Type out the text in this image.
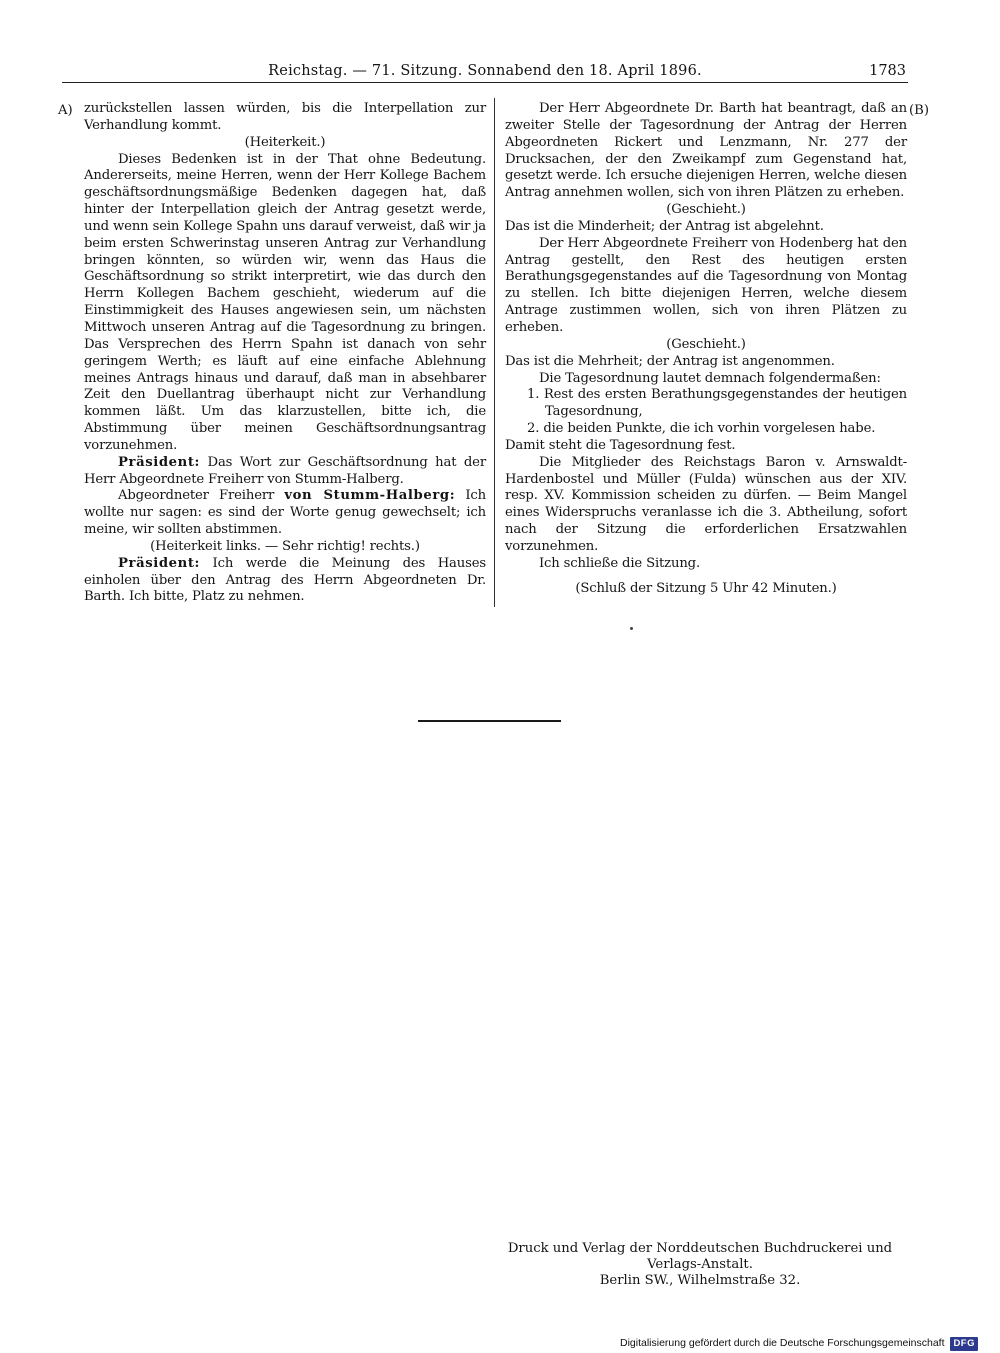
Reichstag. — 71. Sitzung. Sonnabend den 18. April 1896.	1783
A)	(B)

zurückstellen lassen würden, bis die Interpellation zur Verhandlung kommt.

(Heiterkeit.)

Dieses Bedenken ist in der That ohne Bedeutung. Andererseits, meine Herren, wenn der Herr Kollege Bachem geschäftsordnungsmäßige Bedenken dagegen hat, daß hinter der Interpellation gleich der Antrag gesetzt werde, und wenn sein Kollege Spahn uns darauf verweist, daß wir ja beim ersten Schwerinstag unseren Antrag zur Verhandlung bringen könnten, so würden wir, wenn das Haus die Geschäftsordnung so strikt interpretirt, wie das durch den Herrn Kollegen Bachem geschieht, wiederum auf die Einstimmigkeit des Hauses angewiesen sein, um nächsten Mittwoch unseren Antrag auf die Tagesordnung zu bringen. Das Versprechen des Herrn Spahn ist danach von sehr geringem Werth; es läuft auf eine einfache Ablehnung meines Antrags hinaus und darauf, daß man in absehbarer Zeit den Duellantrag überhaupt nicht zur Verhandlung kommen läßt. Um das klarzustellen, bitte ich, die Abstimmung über meinen Geschäftsordnungsantrag vorzunehmen.

Präsident: Das Wort zur Geschäftsordnung hat der Herr Abgeordnete Freiherr von Stumm-Halberg.

Abgeordneter Freiherr von Stumm-Halberg: Ich wollte nur sagen: es sind der Worte genug gewechselt; ich meine, wir sollten abstimmen.

(Heiterkeit links. — Sehr richtig! rechts.)

Präsident: Ich werde die Meinung des Hauses einholen über den Antrag des Herrn Abgeordneten Dr. Barth. Ich bitte, Platz zu nehmen.

Der Herr Abgeordnete Dr. Barth hat beantragt, daß an zweiter Stelle der Tagesordnung der Antrag der Herren Abgeordneten Rickert und Lenzmann, Nr. 277 der Drucksachen, der den Zweikampf zum Gegenstand hat, gesetzt werde. Ich ersuche diejenigen Herren, welche diesen Antrag annehmen wollen, sich von ihren Plätzen zu erheben.

(Geschieht.)

Das ist die Minderheit; der Antrag ist abgelehnt.

Der Herr Abgeordnete Freiherr von Hodenberg hat den Antrag gestellt, den Rest des heutigen ersten Berathungsgegenstandes auf die Tagesordnung von Montag zu stellen. Ich bitte diejenigen Herren, welche diesem Antrage zustimmen wollen, sich von ihren Plätzen zu erheben.

(Geschieht.)

Das ist die Mehrheit; der Antrag ist angenommen.

Die Tagesordnung lautet demnach folgendermaßen:

1. Rest des ersten Berathungsgegenstandes der heutigen Tagesordnung,

2. die beiden Punkte, die ich vorhin vorgelesen habe.

Damit steht die Tagesordnung fest.

Die Mitglieder des Reichstags Baron v. Arnswaldt-Hardenbostel und Müller (Fulda) wünschen aus der XIV. resp. XV. Kommission scheiden zu dürfen. — Beim Mangel eines Widerspruchs veranlasse ich die 3. Abtheilung, sofort nach der Sitzung die erforderlichen Ersatzwahlen vorzunehmen.

Ich schließe die Sitzung.

(Schluß der Sitzung 5 Uhr 42 Minuten.)

Druck und Verlag der Norddeutschen Buchdruckerei und Verlags-Anstalt.
Berlin SW., Wilhelmstraße 32.
Digitalisierung gefördert durch die Deutsche Forschungsgemeinschaft DFG
